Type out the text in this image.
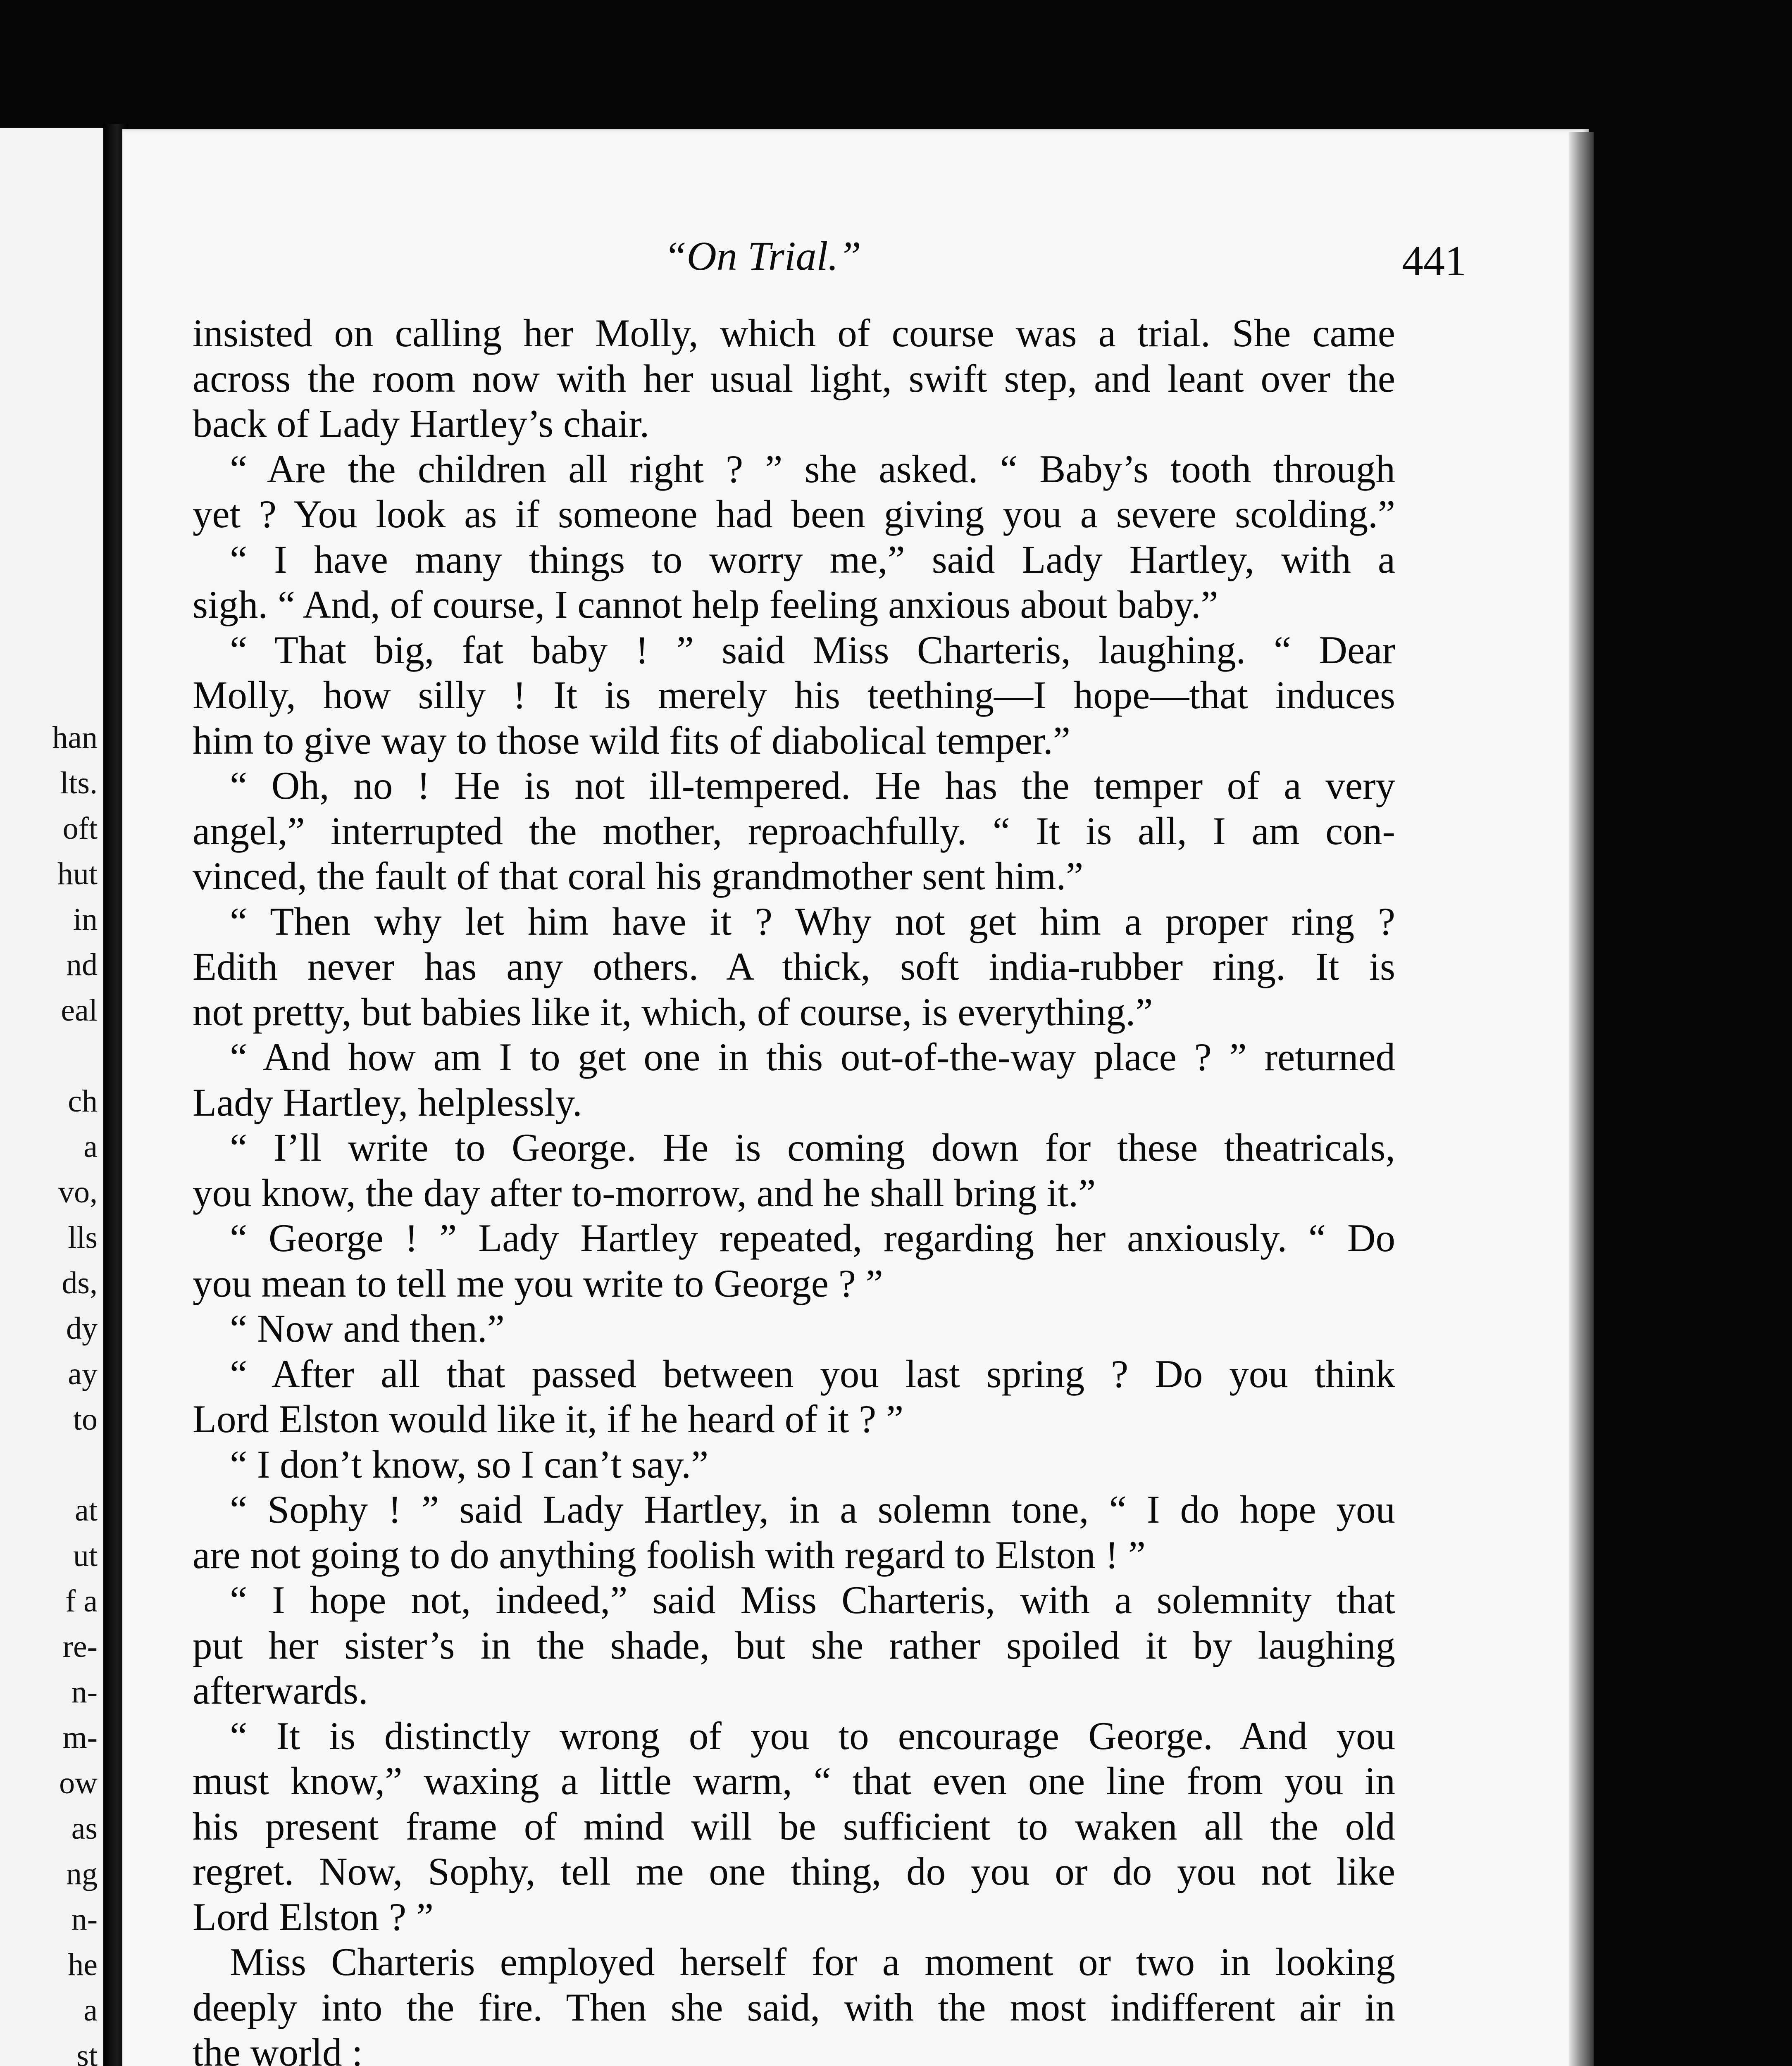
han
lts.
oft
hut
in
nd
eal
ch
a
vo,
lls
ds,
dy
ay
to
at
ut
f a
re-
n-
m-
ow
as
ng
n-
he
a
st
“On Trial.”	441
insisted on calling her Molly, which of course was a trial. She came
across the room now with her usual light, swift step, and leant over the
back of Lady Hartley’s chair.
“ Are the children all right ? ” she asked. “ Baby’s tooth through
yet ? You look as if someone had been giving you a severe scolding.”
“ I have many things to worry me,” said Lady Hartley, with a
sigh. “ And, of course, I cannot help feeling anxious about baby.”
“ That big, fat baby ! ” said Miss Charteris, laughing. “ Dear
Molly, how silly ! It is merely his teething—I hope—that induces
him to give way to those wild fits of diabolical temper.”
“ Oh, no ! He is not ill-tempered. He has the temper of a very
angel,” interrupted the mother, reproachfully. “ It is all, I am con-
vinced, the fault of that coral his grandmother sent him.”
“ Then why let him have it ? Why not get him a proper ring ?
Edith never has any others. A thick, soft india-rubber ring. It is
not pretty, but babies like it, which, of course, is everything.”
“ And how am I to get one in this out-of-the-way place ? ” returned
Lady Hartley, helplessly.
“ I’ll write to George. He is coming down for these theatricals,
you know, the day after to-morrow, and he shall bring it.”
“ George ! ” Lady Hartley repeated, regarding her anxiously. “ Do
you mean to tell me you write to George ? ”
“ Now and then.”
“ After all that passed between you last spring ? Do you think
Lord Elston would like it, if he heard of it ? ”
“ I don’t know, so I can’t say.”
“ Sophy ! ” said Lady Hartley, in a solemn tone, “ I do hope you
are not going to do anything foolish with regard to Elston ! ”
“ I hope not, indeed,” said Miss Charteris, with a solemnity that
put her sister’s in the shade, but she rather spoiled it by laughing
afterwards.
“ It is distinctly wrong of you to encourage George. And you
must know,” waxing a little warm, “ that even one line from you in
his present frame of mind will be sufficient to waken all the old
regret. Now, Sophy, tell me one thing, do you or do you not like
Lord Elston ? ”
Miss Charteris employed herself for a moment or two in looking
deeply into the fire. Then she said, with the most indifferent air in
the world :
